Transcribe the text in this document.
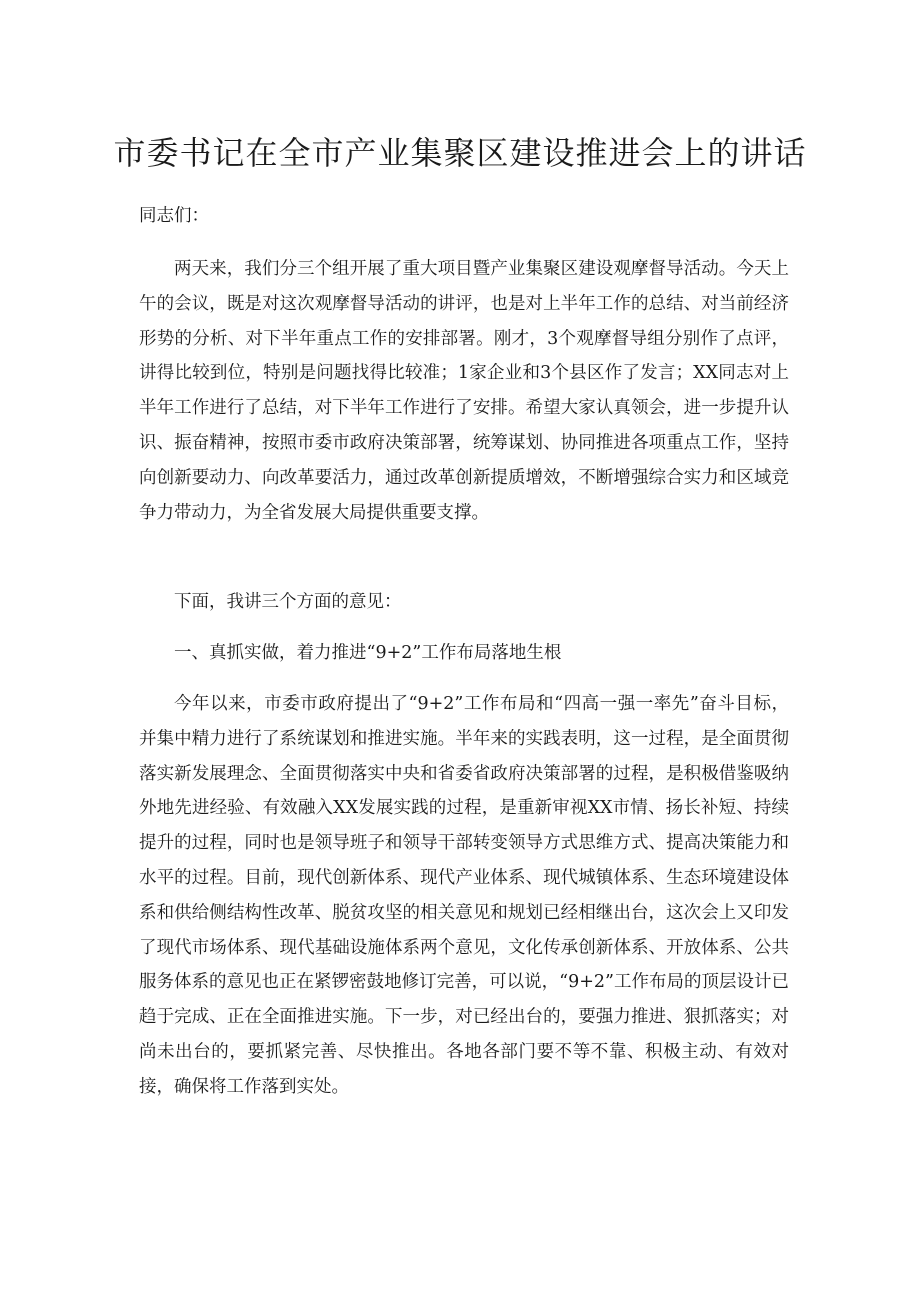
市委书记在全市产业集聚区建设推进会上的讲话
同志们：

两天来，我们分三个组开展了重大项目暨产业集聚区建设观摩督导活动。今天上午的会议，既是对这次观摩督导活动的讲评，也是对上半年工作的总结、对当前经济形势的分析、对下半年重点工作的安排部署。刚才，3个观摩督导组分别作了点评，讲得比较到位，特别是问题找得比较准；1家企业和3个县区作了发言；XX同志对上半年工作进行了总结，对下半年工作进行了安排。希望大家认真领会，进一步提升认识、振奋精神，按照市委市政府决策部署，统筹谋划、协同推进各项重点工作，坚持向创新要动力、向改革要活力，通过改革创新提质增效，不断增强综合实力和区域竞争力带动力，为全省发展大局提供重要支撑。

下面，我讲三个方面的意见：

一、真抓实做，着力推进“9+2”工作布局落地生根

今年以来，市委市政府提出了“9+2”工作布局和“四高一强一率先”奋斗目标，并集中精力进行了系统谋划和推进实施。半年来的实践表明，这一过程，是全面贯彻落实新发展理念、全面贯彻落实中央和省委省政府决策部署的过程，是积极借鉴吸纳外地先进经验、有效融入XX发展实践的过程，是重新审视XX市情、扬长补短、持续提升的过程，同时也是领导班子和领导干部转变领导方式思维方式、提高决策能力和水平的过程。目前，现代创新体系、现代产业体系、现代城镇体系、生态环境建设体系和供给侧结构性改革、脱贫攻坚的相关意见和规划已经相继出台，这次会上又印发了现代市场体系、现代基础设施体系两个意见，文化传承创新体系、开放体系、公共服务体系的意见也正在紧锣密鼓地修订完善，可以说，“9+2”工作布局的顶层设计已趋于完成、正在全面推进实施。下一步，对已经出台的，要强力推进、狠抓落实；对尚未出台的，要抓紧完善、尽快推出。各地各部门要不等不靠、积极主动、有效对接，确保将工作落到实处。
